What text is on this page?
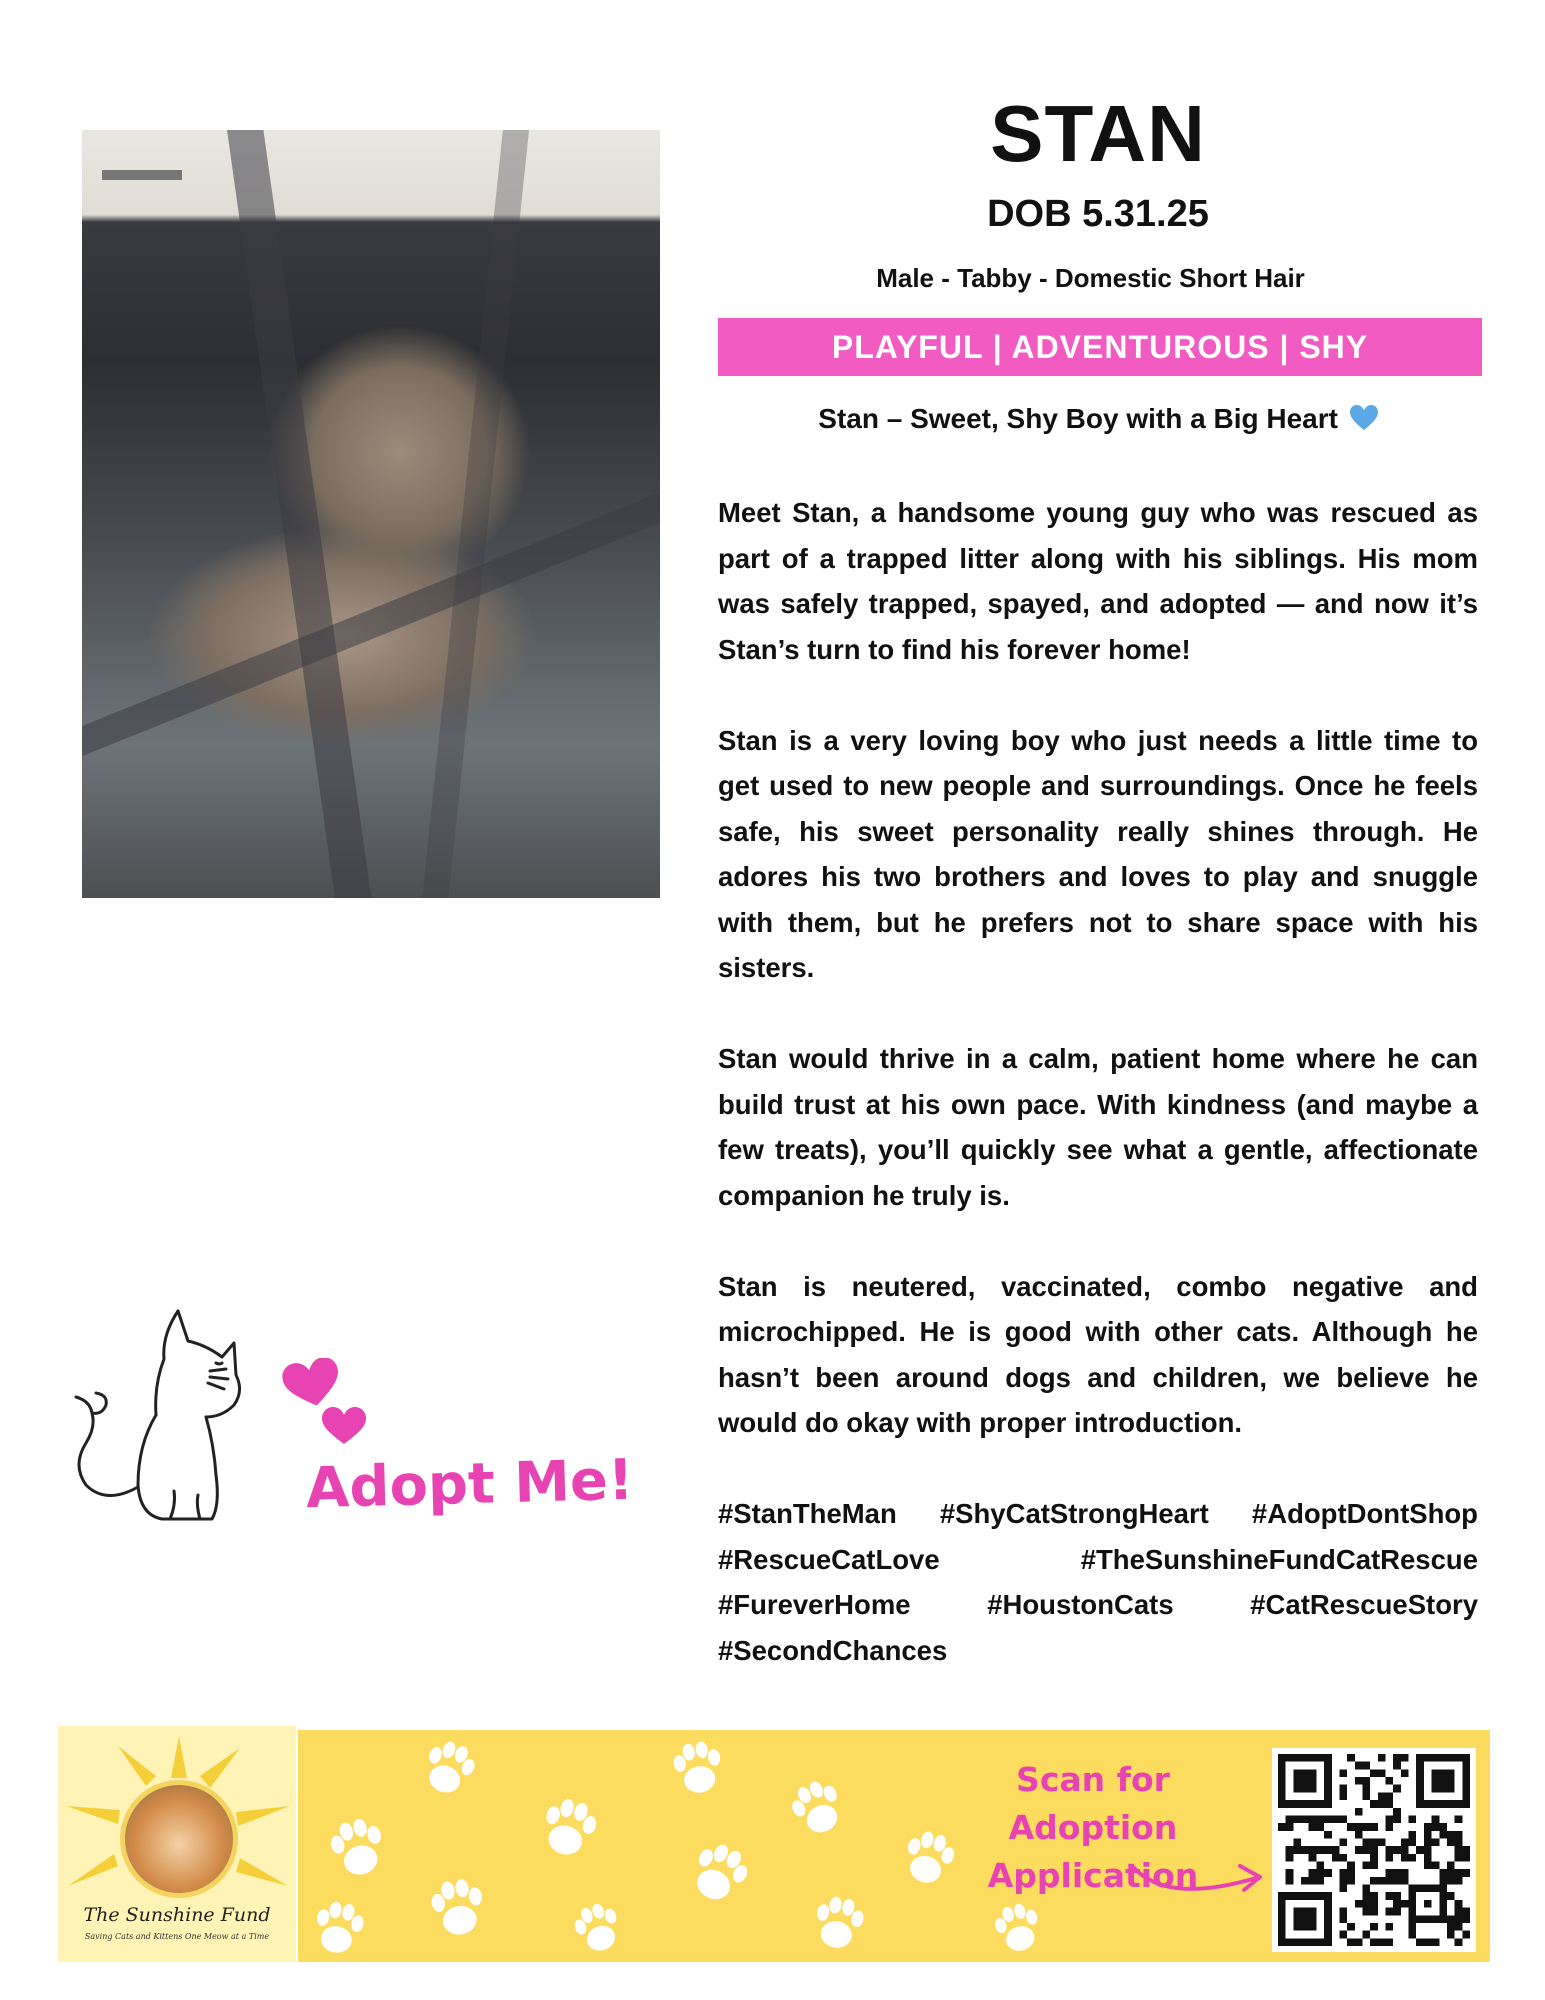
STAN
DOB 5.31.25
Male - Tabby - Domestic Short Hair
PLAYFUL | ADVENTUROUS | SHY
Stan – Sweet, Shy Boy with a Big Heart

Meet Stan, a handsome young guy who was rescued as part of a trapped litter along with his siblings. His mom was safely trapped, spayed, and adopted — and now it’s Stan’s turn to find his forever home!

Stan is a very loving boy who just needs a little time to get used to new people and surroundings. Once he feels safe, his sweet personality really shines through. He adores his two brothers and loves to play and snuggle with them, but he prefers not to share space with his sisters.

Stan would thrive in a calm, patient home where he can build trust at his own pace. With kindness (and maybe a few treats), you’ll quickly see what a gentle, affectionate companion he truly is.

Stan is neutered, vaccinated, combo negative and microchipped. He is good with other cats. Although he hasn’t been around dogs and children, we believe he would do okay with proper introduction.

#StanTheMan #ShyCatStrongHeart #AdoptDontShop
#RescueCatLove	#TheSunshineFundCatRescue
#FureverHome	#HoustonCats	#CatRescueStory
#SecondChances
Adopt Me!
The Sunshine Fund
Saving Cats and Kittens One Meow at a Time
Scan for Adoption
Application
